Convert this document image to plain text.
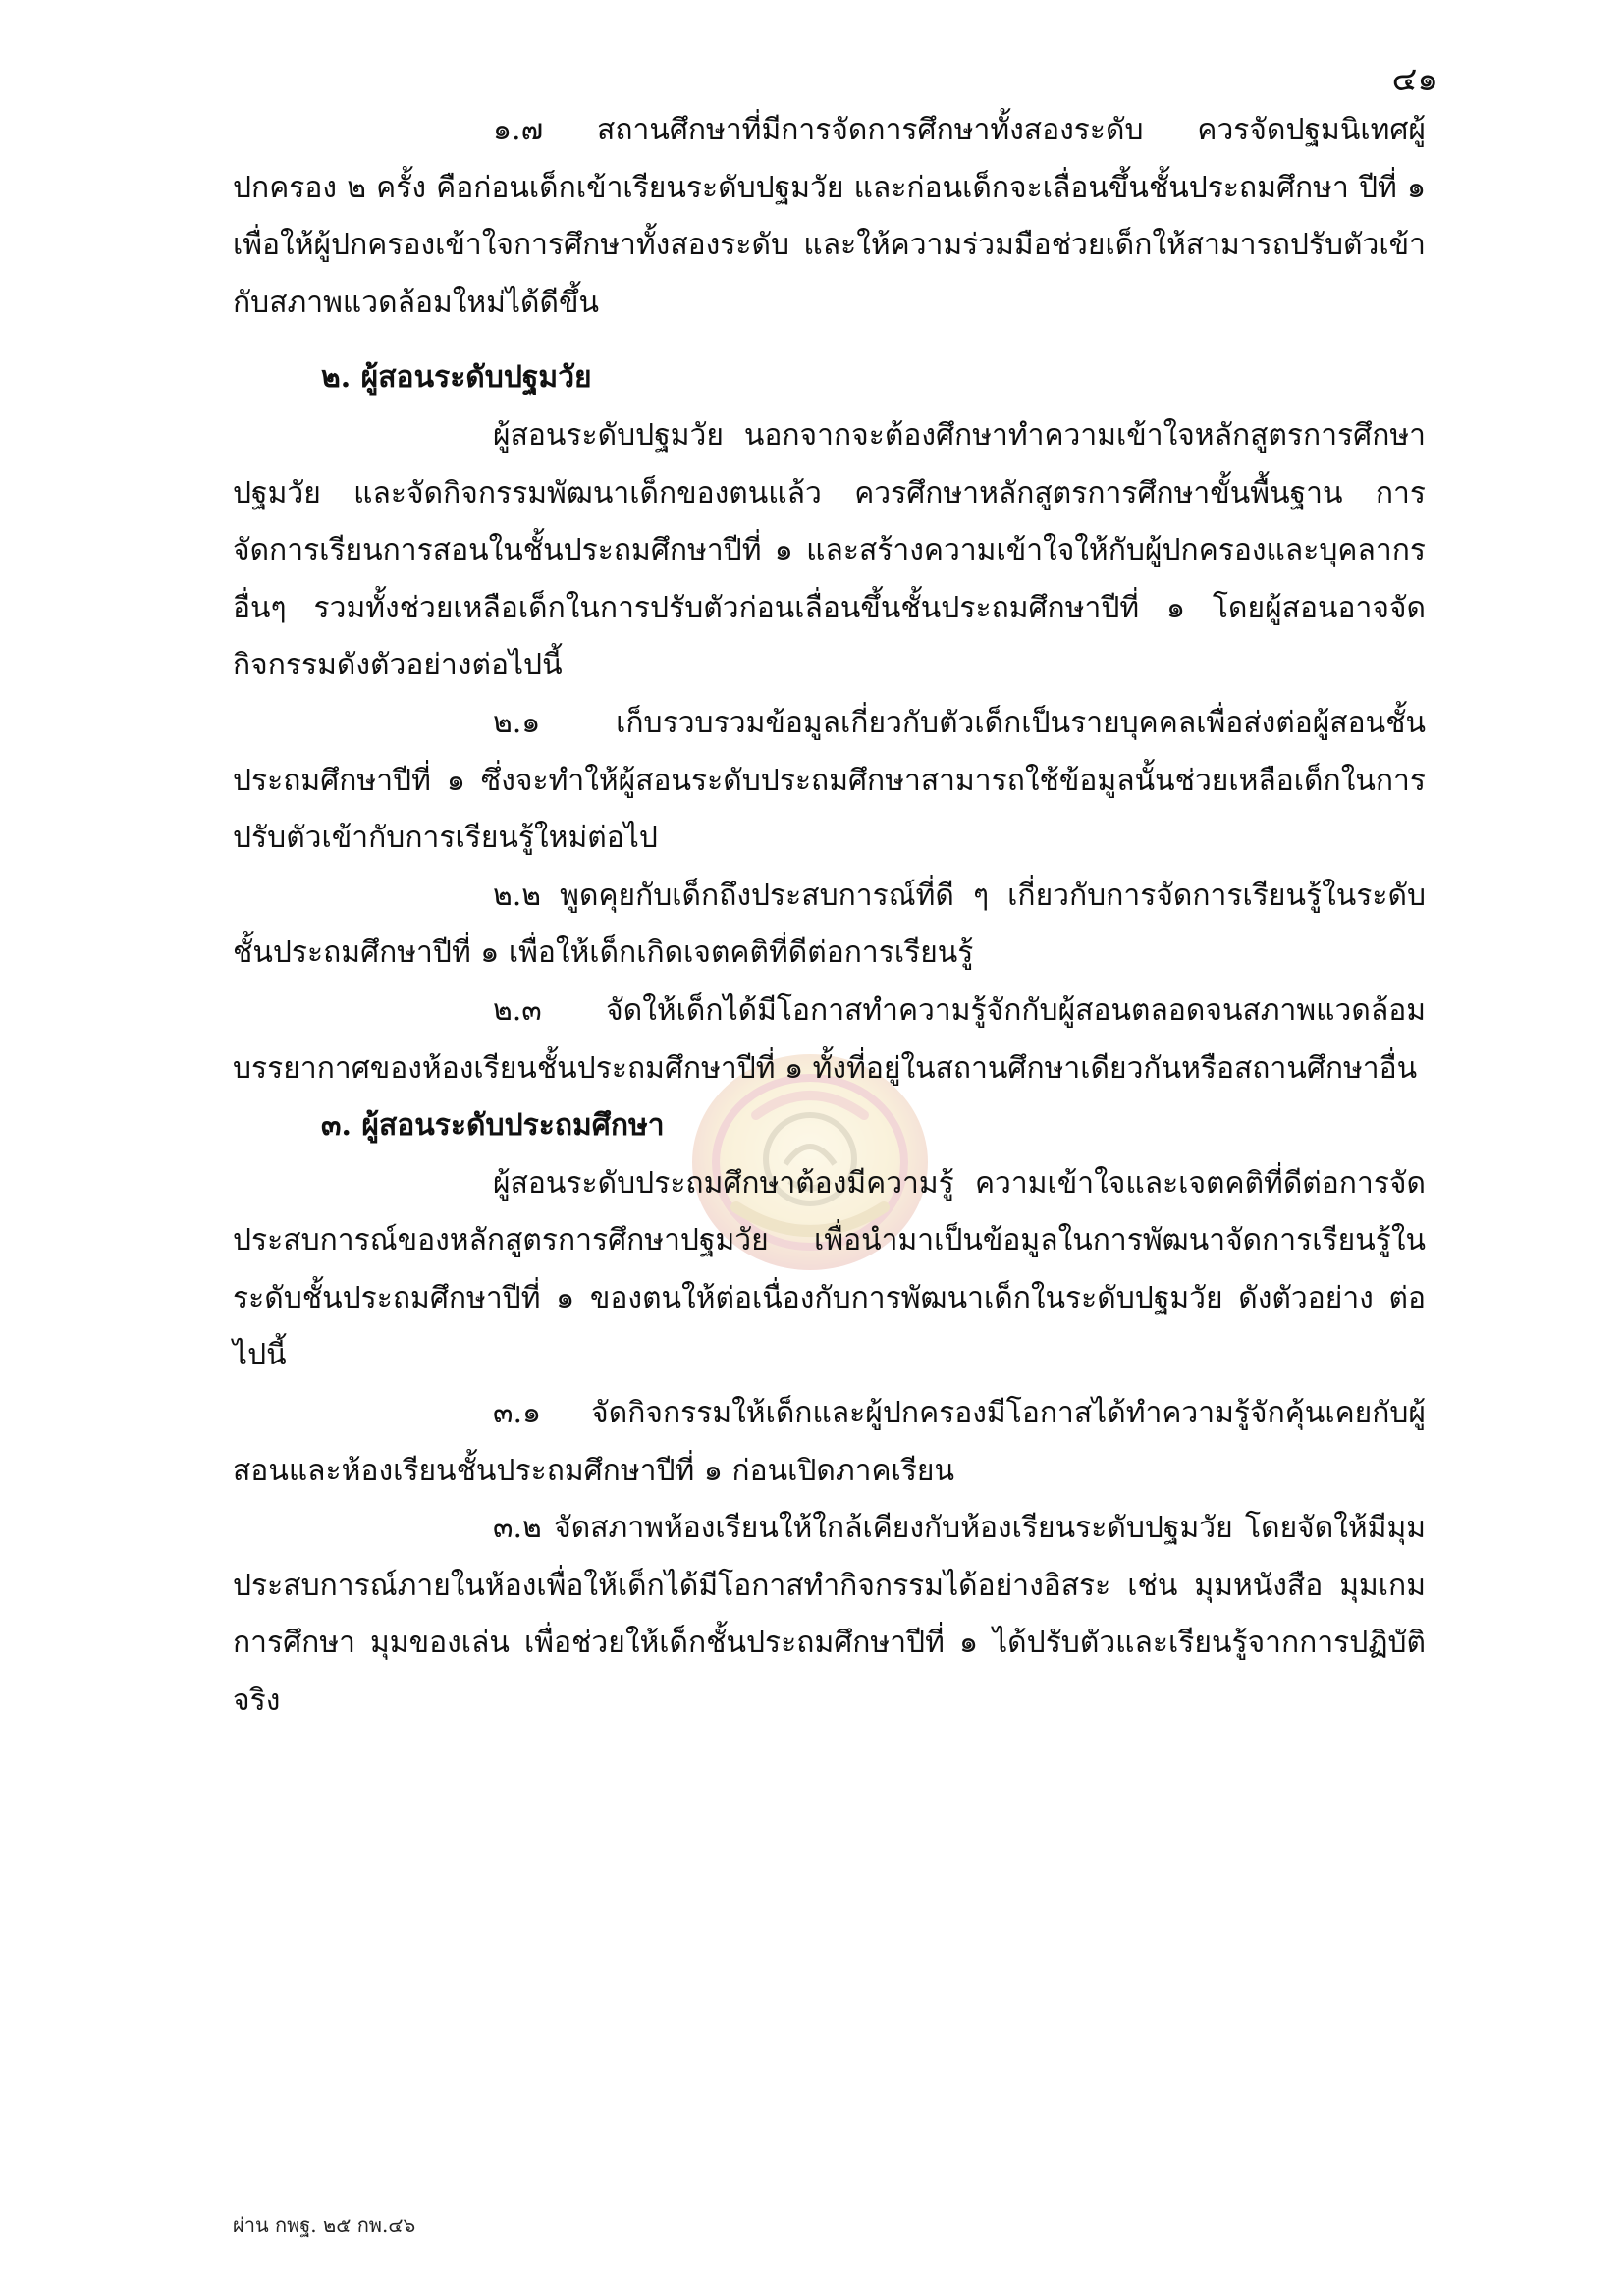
๔๑

๑.๗ สถานศึกษาที่มีการจัดการศึกษาทั้งสองระดับ ควรจัดปฐมนิเทศผู้ปกครอง ๒ ครั้ง คือก่อนเด็กเข้าเรียนระดับปฐมวัย และก่อนเด็กจะเลื่อนขึ้นชั้นประถมศึกษา ปีที่ ๑ เพื่อให้ผู้ปกครองเข้าใจการศึกษาทั้งสองระดับ และให้ความร่วมมือช่วยเด็กให้สามารถปรับตัวเข้ากับสภาพแวดล้อมใหม่ได้ดีขึ้น

๒. ผู้สอนระดับปฐมวัย

ผู้สอนระดับปฐมวัย นอกจากจะต้องศึกษาทำความเข้าใจหลักสูตรการศึกษาปฐมวัย และจัดกิจกรรมพัฒนาเด็กของตนแล้ว ควรศึกษาหลักสูตรการศึกษาขั้นพื้นฐาน การจัดการเรียนการสอนในชั้นประถมศึกษาปีที่ ๑ และสร้างความเข้าใจให้กับผู้ปกครองและบุคลากรอื่นๆ รวมทั้งช่วยเหลือเด็กในการปรับตัวก่อนเลื่อนขึ้นชั้นประถมศึกษาปีที่ ๑ โดยผู้สอนอาจจัดกิจกรรมดังตัวอย่างต่อไปนี้

๒.๑ เก็บรวบรวมข้อมูลเกี่ยวกับตัวเด็กเป็นรายบุคคลเพื่อส่งต่อผู้สอนชั้นประถมศึกษาปีที่ ๑ ซึ่งจะทำให้ผู้สอนระดับประถมศึกษาสามารถใช้ข้อมูลนั้นช่วยเหลือเด็กในการปรับตัวเข้ากับการเรียนรู้ใหม่ต่อไป

๒.๒ พูดคุยกับเด็กถึงประสบการณ์ที่ดี ๆ เกี่ยวกับการจัดการเรียนรู้ในระดับชั้นประถมศึกษาปีที่ ๑ เพื่อให้เด็กเกิดเจตคติที่ดีต่อการเรียนรู้

๒.๓ จัดให้เด็กได้มีโอกาสทำความรู้จักกับผู้สอนตลอดจนสภาพแวดล้อมบรรยากาศของห้องเรียนชั้นประถมศึกษาปีที่ ๑ ทั้งที่อยู่ในสถานศึกษาเดียวกันหรือสถานศึกษาอื่น

๓. ผู้สอนระดับประถมศึกษา

ผู้สอนระดับประถมศึกษาต้องมีความรู้ ความเข้าใจและเจตคติที่ดีต่อการจัดประสบการณ์ของหลักสูตรการศึกษาปฐมวัย เพื่อนำมาเป็นข้อมูลในการพัฒนาจัดการเรียนรู้ในระดับชั้นประถมศึกษาปีที่ ๑ ของตนให้ต่อเนื่องกับการพัฒนาเด็กในระดับปฐมวัย ดังตัวอย่าง ต่อไปนี้

๓.๑ จัดกิจกรรมให้เด็กและผู้ปกครองมีโอกาสได้ทำความรู้จักคุ้นเคยกับผู้สอนและห้องเรียนชั้นประถมศึกษาปีที่ ๑ ก่อนเปิดภาคเรียน

๓.๒ จัดสภาพห้องเรียนให้ใกล้เคียงกับห้องเรียนระดับปฐมวัย โดยจัดให้มีมุมประสบการณ์ภายในห้องเพื่อให้เด็กได้มีโอกาสทำกิจกรรมได้อย่างอิสระ เช่น มุมหนังสือ มุมเกมการศึกษา มุมของเล่น เพื่อช่วยให้เด็กชั้นประถมศึกษาปีที่ ๑ ได้ปรับตัวและเรียนรู้จากการปฏิบัติจริง

ผ่าน กพฐ. ๒๕ กพ.๔๖
